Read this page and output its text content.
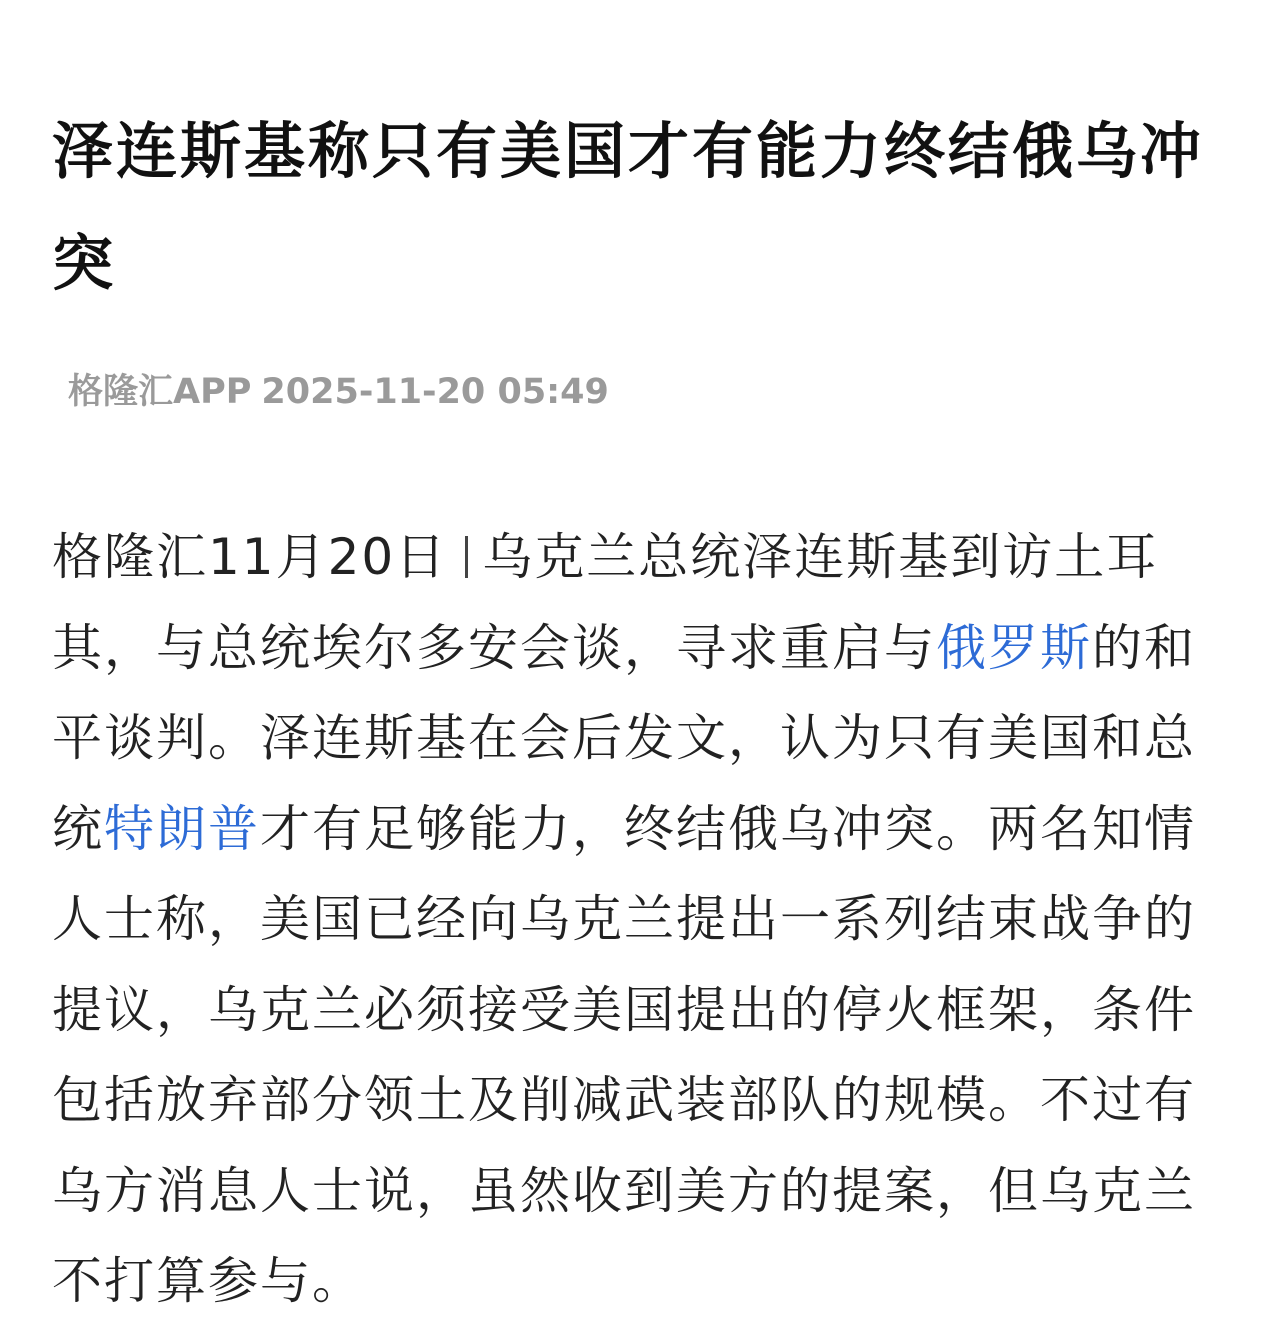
泽连斯基称只有美国才有能力终结俄乌冲突
格隆汇APP 2025-11-20 05:49
格隆汇11月20日 乌克兰总统泽连斯基到访土耳其，与总统埃尔多安会谈，寻求重启与俄罗斯的和平谈判。泽连斯基在会后发文，认为只有美国和总统特朗普才有足够能力，终结俄乌冲突。两名知情人士称，美国已经向乌克兰提出一系列结束战争的提议，乌克兰必须接受美国提出的停火框架，条件包括放弃部分领土及削减武装部队的规模。不过有乌方消息人士说，虽然收到美方的提案，但乌克兰不打算参与。
